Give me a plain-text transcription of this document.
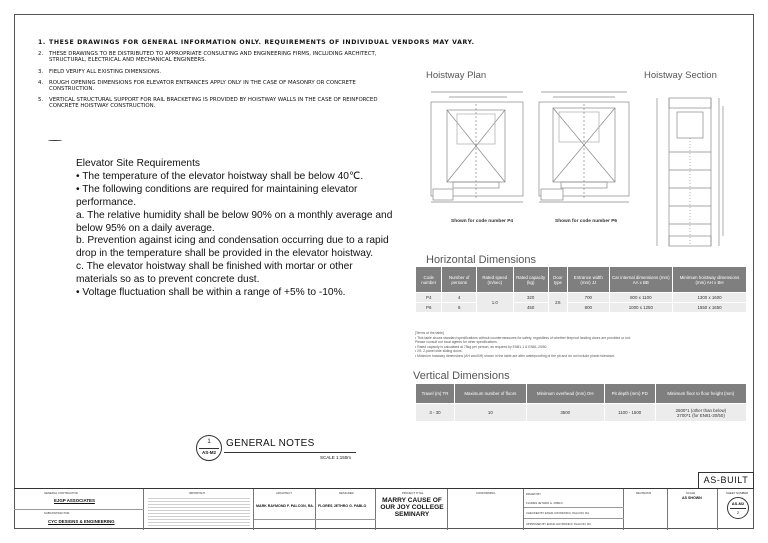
1. THESE DRAWINGS FOR GENERAL INFORMATION ONLY. REQUIREMENTS OF INDIVIDUAL VENDORS MAY VARY.
2.	THESE DRAWINGS TO BE DISTRIBUTED TO APPROPRIATE CONSULTING AND ENGINEERING FIRMS, INCLUDING ARCHITECT, STRUCTURAL, ELECTRICAL AND MECHANICAL ENGINEERS.
3.	FIELD VERIFY ALL EXISTING DIMENSIONS.
4.	ROUGH OPENING DIMENSIONS FOR ELEVATOR ENTRANCES APPLY ONLY IN THE CASE OF MASONRY OR CONCRETE CONSTRUCTION.
5.	VERTICAL STRUCTURAL SUPPORT FOR RAIL BRACKETING IS PROVIDED BY HOISTWAY WALLS IN THE CASE OF REINFORCED CONCRETE HOISTWAY CONSTRUCTION.

Elevator Site Requirements

• The temperature of the elevator hoistway shall be below 40℃.

• The following conditions are required for maintaining elevator performance.

a. The relative humidity shall be below 90% on a monthly average and below 95% on a daily average.

b. Prevention against icing and condensation occurring due to a rapid drop in the temperature shall be provided in the elevator hoistway.

c. The elevator hoistway shall be finished with mortar or other materials so as to prevent concrete dust.

• Voltage fluctuation shall be within a range of +5% to -10%.

1
AS-M2
GENERAL NOTES
SCALE 1:150m
Hoistway Plan	Hoistway Section
Shown for code number P4	Shown for code number P6
Horizontal Dimensions
Code number	Number of persons	Rated speed (m/sec)	Rated capacity (kg)	Door type	Entrance width (mm) JJ	Car internal dimensions (mm) AA x BB	Minimum hoistway dimensions (mm) AH x BH
P4	4	1.0	320	2S	700	800 x 1100	1300 x 1600
P6	6		450		800	1000 x 1250	1550 x 1650
[Terms of the table]
• This table shows standard specifications without countermeasures for safety, regardless of whether fireproof landing doors are provided or not.
Please consult our local agents for other specifications.
• Rated capacity is calculated at 75kg per person, as required by EN81-1 & EN81-20/50.
• 2S: 2-panel side sliding doors.
• Minimum hoistway dimensions (AH and BH) shown in the table are after waterproofing of the pit and do not include plumb tolerance.
Vertical Dimensions
Travel (m) TR	Maximum number of floors	Minimum overhead (mm) OH	Pit depth (mm) PD	Minimum floor to floor height (mm)
3 - 30	10	3500	1100 - 1500	2600*1 (other than below)
2700*1 (for EN81-20/50)
AS-BUILT
GENERAL CONTRACTOR
EJGP ASSOCIATES
SUBCONTRACTOR
CYC DESIGNS & ENGINEERING
IMPORTANT	ARCHITECT
MARK RAYMOND F. PALCON, RA.
DESIGNER
FLORES JETHRO G. PABLO
PROJECT TITLE
MARRY CAUSE OF OUR JOY COLLEGE SEMINARY
CONFORMING	DRAWN BY
FLORES JETHRO G. PABLO
CHECKED BY ENGR. RAYMOND F. PALCON, RA
APPROVED BY ENGR. RAYMOND F. PALCON, RA
REVISIONS	SCALE
AS SHOWN
SHEET NUMBER
AS-M2
2
